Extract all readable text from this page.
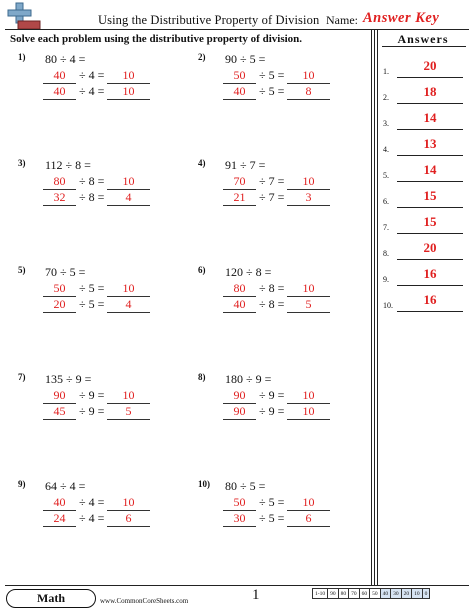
Using the Distributive Property of Division Name: Answer Key
Solve each problem using the distributive property of division.	Answers
1.	20
2.	18
3.	14
4.	13
5.	14
6.	15
7.	15
8.	20
9.	16
10.	16
1) 80 ÷ 4 =
40	÷ 4 =	10
40	÷ 4 =	10
2) 90 ÷ 5 =
50	÷ 5 =	10
40	÷ 5 =	8
3) 112 ÷ 8 =
80	÷ 8 =	10
32	÷ 8 =	4
4) 91 ÷ 7 =
70	÷ 7 =	10
21	÷ 7 =	3
5) 70 ÷ 5 =
50	÷ 5 =	10
20	÷ 5 =	4
6) 120 ÷ 8 =
80	÷ 8 =	10
40	÷ 8 =	5
7) 135 ÷ 9 =
90	÷ 9 =	10
45	÷ 9 =	5
8) 180 ÷ 9 =
90	÷ 9 =	10
90	÷ 9 =	10
9) 64 ÷ 4 =
40	÷ 4 =	10
24	÷ 4 =	6
10) 80 ÷ 5 =
50	÷ 5 =	10
30	÷ 5 =	6
Math	www.CommonCoreSheets.com	1	1-10	90	80	70	60	50	40	30	20	10	0
